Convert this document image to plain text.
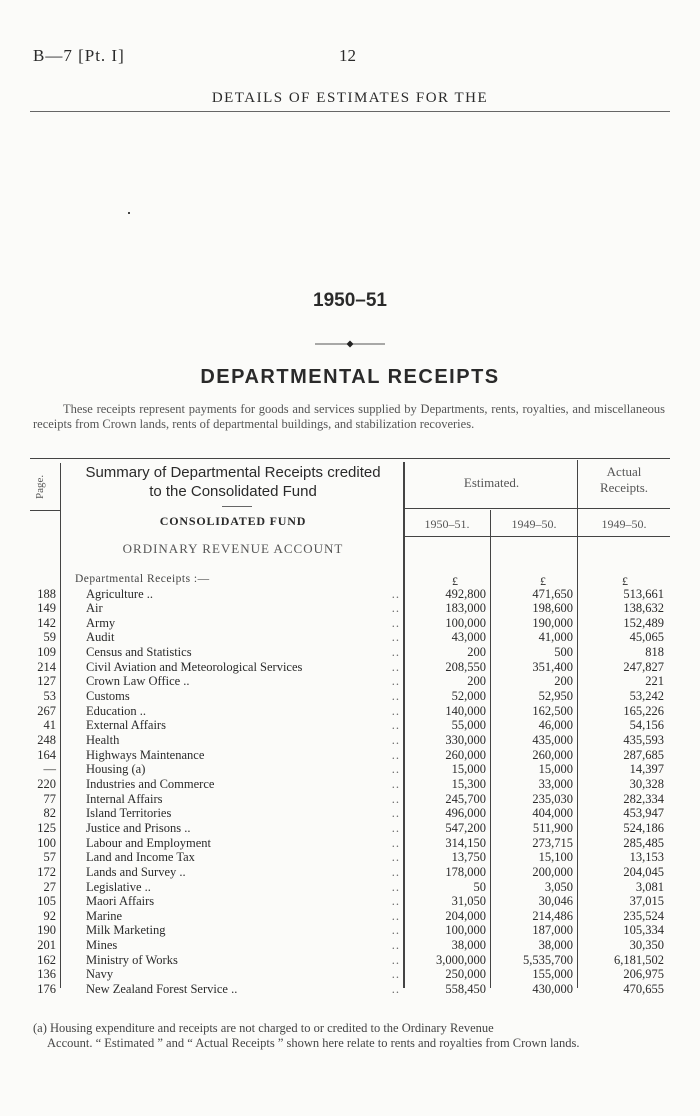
B—7 [Pt. I]	12
DETAILS OF ESTIMATES FOR THE
1950–51
DEPARTMENTAL RECEIPTS
These receipts represent payments for goods and services supplied by Departments, rents, royalties, and miscellaneous receipts from Crown lands, rents of departmental buildings, and stabilization recoveries.
Page.
Summary of Departmental Receipts credited
to the Consolidated Fund
Estimated.
Actual
Receipts.
CONSOLIDATED FUND	1950–51.	1949–50.	1949–50.
ORDINARY REVENUE ACCOUNT
Departmental Receipts :—	£	£	£
188 Agriculture ..	..	492,800	471,650	513,661
149 Air	..	183,000	198,600	138,632
142 Army	..	100,000	190,000	152,489
59 Audit	..	43,000	41,000	45,065
109 Census and Statistics	..	200	500	818
214 Civil Aviation and Meteorological Services	..	208,550	351,400	247,827
127 Crown Law Office ..	..	200	200	221
53 Customs	..	52,000	52,950	53,242
267 Education ..	..	140,000	162,500	165,226
41 External Affairs	..	55,000	46,000	54,156
248 Health	..	330,000	435,000	435,593
164 Highways Maintenance	..	260,000	260,000	287,685
— Housing (a)	..	15,000	15,000	14,397
220 Industries and Commerce	..	15,300	33,000	30,328
77 Internal Affairs	..	245,700	235,030	282,334
82 Island Territories	..	496,000	404,000	453,947
125 Justice and Prisons ..	..	547,200	511,900	524,186
100 Labour and Employment	..	314,150	273,715	285,485
57 Land and Income Tax	..	13,750	15,100	13,153
172 Lands and Survey ..	..	178,000	200,000	204,045
27 Legislative ..	..	50	3,050	3,081
105 Maori Affairs	..	31,050	30,046	37,015
92 Marine	..	204,000	214,486	235,524
190 Milk Marketing	..	100,000	187,000	105,334
201 Mines	..	38,000	38,000	30,350
162 Ministry of Works	..	3,000,000	5,535,700	6,181,502
136 Navy	..	250,000	155,000	206,975
176 New Zealand Forest Service ..	..	558,450	430,000	470,655
(a) Housing expenditure and receipts are not charged to or credited to the Ordinary Revenue
Account. “ Estimated ” and “ Actual Receipts ” shown here relate to rents and royalties from Crown lands.
